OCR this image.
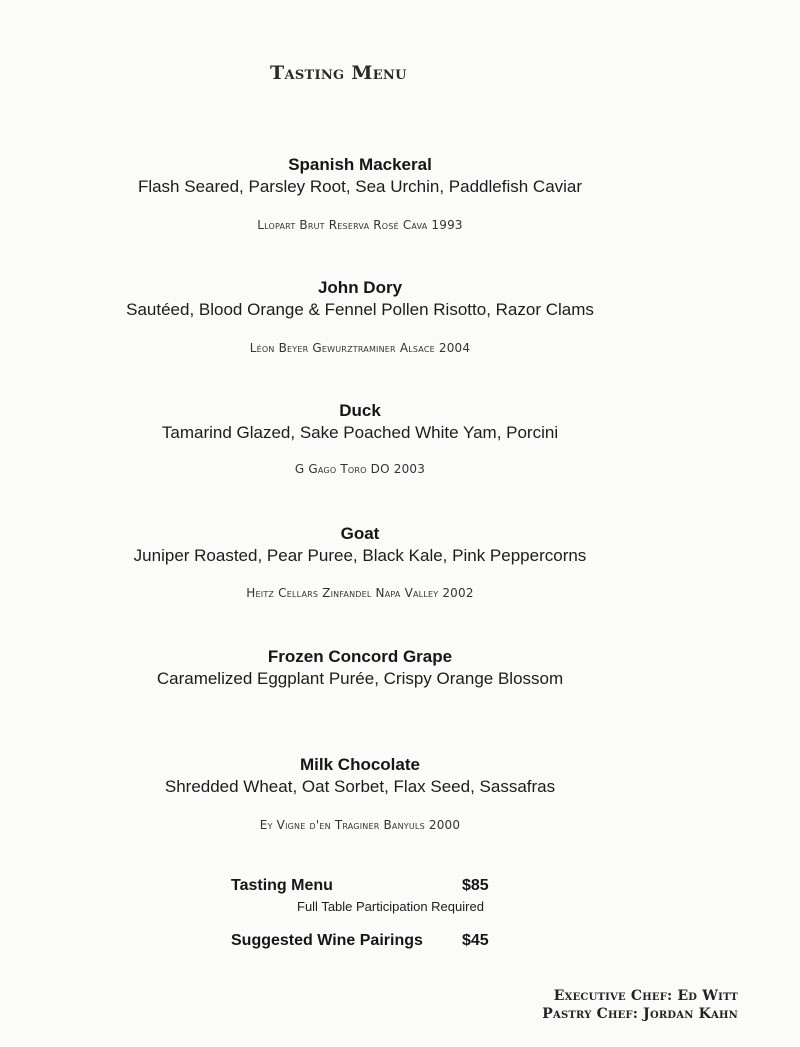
Tasting Menu
Spanish Mackeral
Flash Seared, Parsley Root, Sea Urchin, Paddlefish Caviar
Llopart Brut Reserva Rosé Cava 1993
John Dory
Sautéed, Blood Orange & Fennel Pollen Risotto, Razor Clams
Léon Beyer Gewurztraminer Alsace 2004
Duck
Tamarind Glazed, Sake Poached White Yam, Porcini
G Gago Toro DO 2003
Goat
Juniper Roasted, Pear Puree, Black Kale, Pink Peppercorns
Heitz Cellars Zinfandel Napa Valley 2002
Frozen Concord Grape
Caramelized Eggplant Purée, Crispy Orange Blossom
Milk Chocolate
Shredded Wheat, Oat Sorbet, Flax Seed, Sassafras
Ey Vigne d'en Traginer Banyuls 2000
Tasting Menu	$85
Full Table Participation Required
Suggested Wine Pairings $45
Executive Chef: Ed Witt
Pastry Chef: Jordan Kahn
